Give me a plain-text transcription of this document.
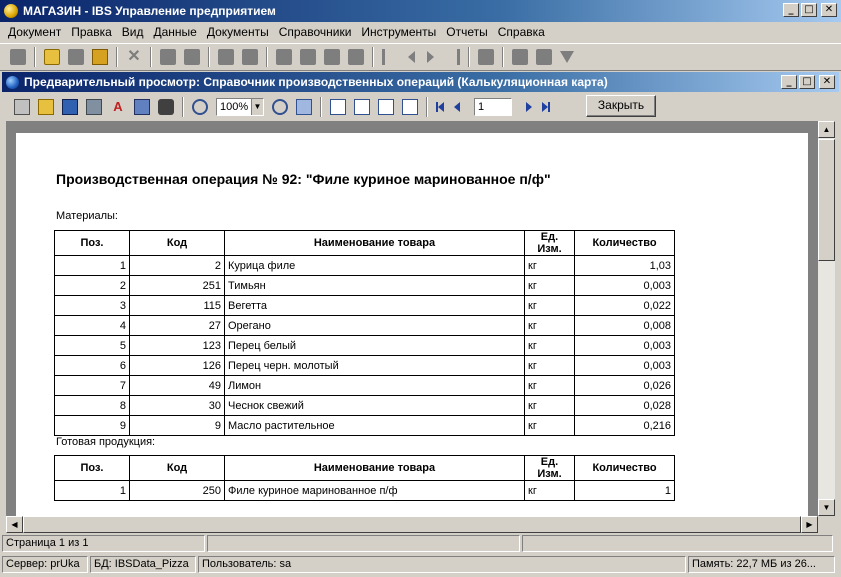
МАГАЗИН - IBS Управление предприятием	_	□	✕
Документ Правка Вид Данные Документы Справочники Инструменты Отчеты Справка
✕
Предварительный просмотр: Справочник производственных операций (Калькуляционная карта)	_	□	✕
A	100% ▼	1	Закрыть
Производственная операция № 92: "Филе куриное маринованное п/ф"
Материалы:
Поз.	Код	Наименование товара	Ед. Изм.	Количество
1	2	Курица филе	кг	1,03
2	251	Тимьян	кг	0,003
3	115	Вегетта	кг	0,022
4	27	Орегано	кг	0,008
5	123	Перец белый	кг	0,003
6	126	Перец черн. молотый	кг	0,003
7	49	Лимон	кг	0,026
8	30	Чеснок свежий	кг	0,028
9	9	Масло растительное	кг	0,216
Готовая продукция:
Поз.	Код	Наименование товара	Ед. Изм.	Количество
1	250	Филе куриное маринованное п/ф	кг	1
▲
▼
◀	▶
Страница 1 из 1
Сервер: prUka	БД: IBSData_Pizza	Пользователь: sa	Память: 22,7 МБ из 26...
